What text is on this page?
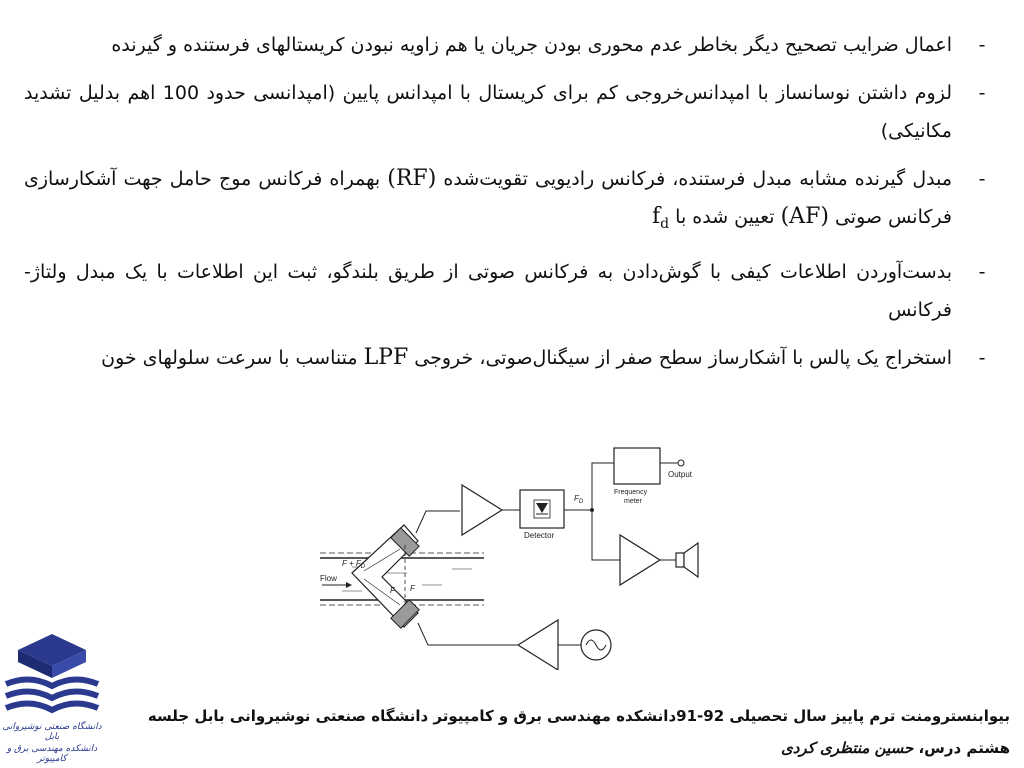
-
اعمال ضرایب تصحیح دیگر بخاطر عدم محوری بودن جریان یا هم زاویه نبودن کریستالهای فرستنده و گیرنده
-
لزوم داشتن نوسانساز با امپدانس‌خروجی کم برای کریستال با امپدانس پایین (امپدانسی حدود 100 اهم بدلیل تشدید مکانیکی)
-
مبدل گیرنده مشابه مبدل فرستنده، فرکانس رادیویی تقویت‌شده (RF) بهمراه فرکانس موج حامل جهت آشکارسازی فرکانس صوتی (AF) تعیین شده با $f_d$
-
بدست‌آوردن اطلاعات کیفی با گوش‌دادن به فرکانس صوتی از طریق بلندگو، ثبت این اطلاعات با یک مبدل ولتاژ-فرکانس
-
استخراج یک پالس با آشکارساز سطح صفر از سیگنال‌صوتی، خروجی LPF متناسب با سرعت سلولهای خون
Flow
$F + F_D$
F F
Detector
$F_D$
Frequency
meter
Output
دانشگاه صنعتی نوشیروانی بابل
دانشکده مهندسی برق و کامپیوتر
بیوابنسترومنت ترم پاییز سال تحصیلی 92-91دانشکده مهندسی برق و کامپیوتر دانشگاه صنعتی نوشیروانی بابل جلسه
هشتم درس، حسین منتظری کردی
